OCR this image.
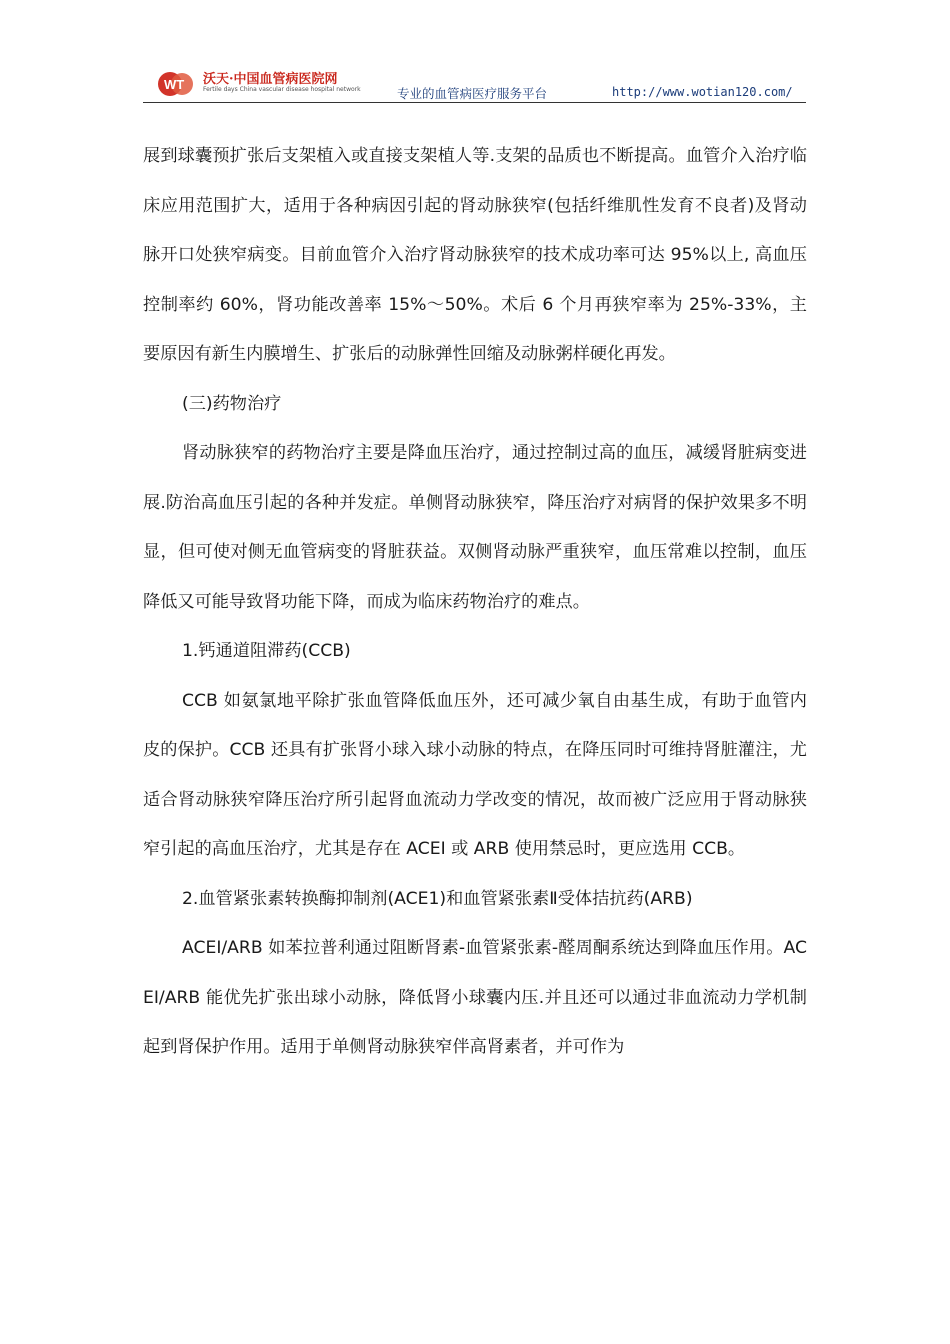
WT 沃天·中国血管病医院网
Fertile days China vascular disease hospital network	专业的血管病医疗服务平台	http://www.wotian120.com/

展到球囊预扩张后支架植入或直接支架植人等.支架的品质也不断提高。血管介入治疗临床应用范围扩大，适用于各种病因引起的肾动脉狭窄(包括纤维肌性发育不良者)及肾动脉开口处狭窄病变。目前血管介入治疗肾动脉狭窄的技术成功率可达 95%以上, 高血压控制率约 60%，肾功能改善率 15%～50%。术后 6 个月再狭窄率为 25%-33%，主要原因有新生内膜增生、扩张后的动脉弹性回缩及动脉粥样硬化再发。

(三)药物治疗

肾动脉狭窄的药物治疗主要是降血压治疗，通过控制过高的血压，减缓肾脏病变进展.防治高血压引起的各种并发症。单侧肾动脉狭窄，降压治疗对病肾的保护效果多不明显，但可使对侧无血管病变的肾脏获益。双侧肾动脉严重狭窄，血压常难以控制，血压降低又可能导致肾功能下降，而成为临床药物治疗的难点。

1.钙通道阻滞药(CCB)

CCB 如氨氯地平除扩张血管降低血压外，还可减少氧自由基生成，有助于血管内皮的保护。CCB 还具有扩张肾小球入球小动脉的特点，在降压同时可维持肾脏灌注，尤适合肾动脉狭窄降压治疗所引起肾血流动力学改变的情况，故而被广泛应用于肾动脉狭窄引起的高血压治疗，尤其是存在 ACEI 或 ARB 使用禁忌时，更应选用 CCB。

2.血管紧张素转换酶抑制剂(ACE1)和血管紧张素Ⅱ受体拮抗药(ARB)

ACEI/ARB 如苯拉普利通过阻断肾素-血管紧张素-醛周酮系统达到降血压作用。ACEI/ARB 能优先扩张出球小动脉，降低肾小球囊内压.并且还可以通过非血流动力学机制起到肾保护作用。适用于单侧肾动脉狭窄伴高肾素者，并可作为
